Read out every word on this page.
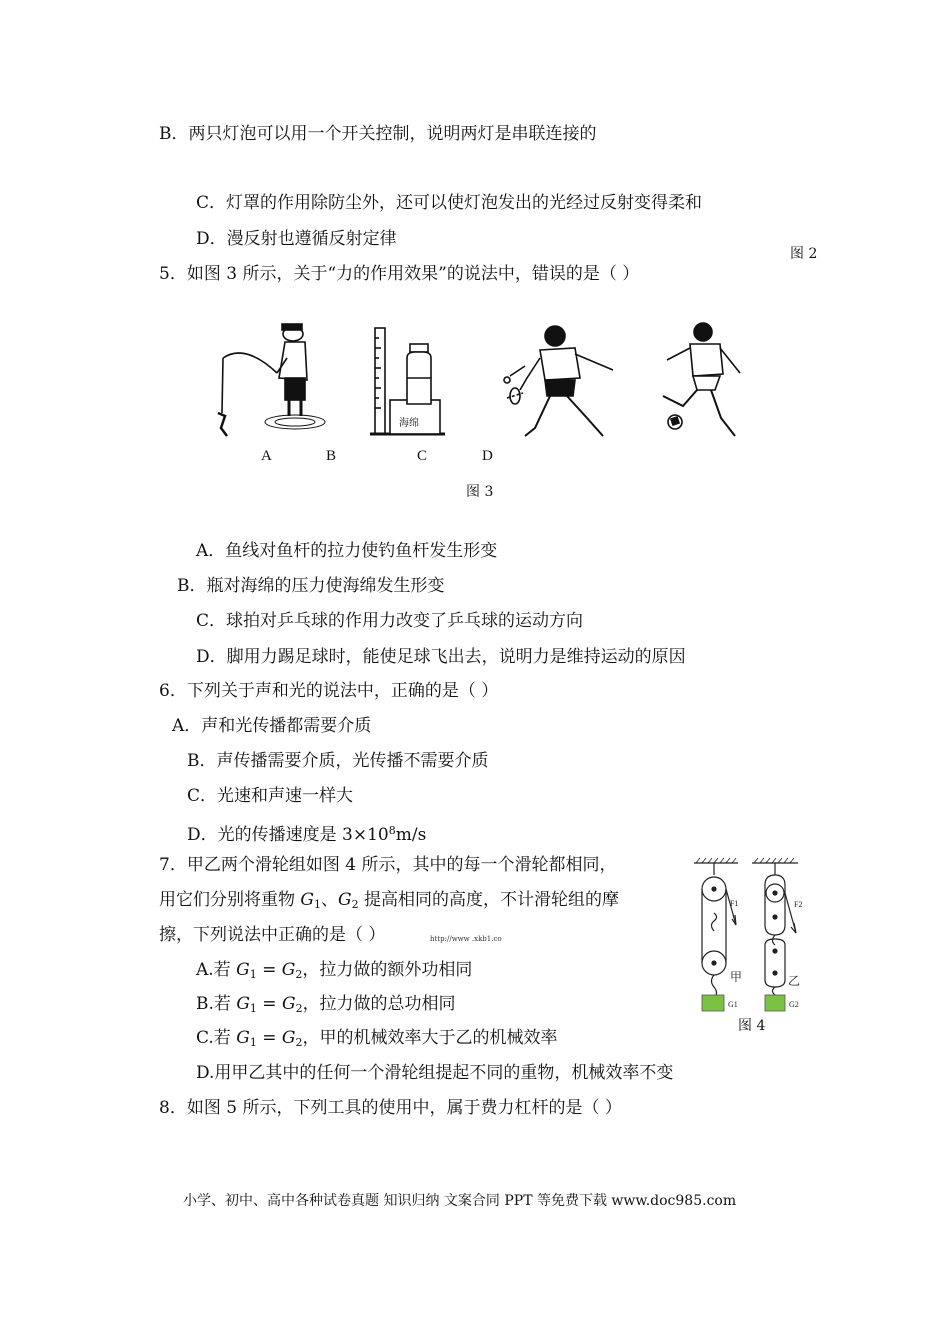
B．两只灯泡可以用一个开关控制，说明两灯是串联连接的
C．灯罩的作用除防尘外，还可以使灯泡发出的光经过反射变得柔和
D．漫反射也遵循反射定律
图 2
5．如图 3 所示，关于“力的作用效果”的说法中，错误的是（ ）
海绵
A	B	C	D
图 3
A．鱼线对鱼杆的拉力使钓鱼杆发生形变
B．瓶对海绵的压力使海绵发生形变
C．球拍对乒乓球的作用力改变了乒乓球的运动方向
D．脚用力踢足球时，能使足球飞出去，说明力是维持运动的原因
6．下列关于声和光的说法中，正确的是（ ）
A．声和光传播都需要介质
B．声传播需要介质，光传播不需要介质
C．光速和声速一样大
D．光的传播速度是 $3\times 10^8m/s$
7．甲乙两个滑轮组如图 4 所示，其中的每一个滑轮都相同，
用它们分别将重物 $G_1$、$G_2$ 提高相同的高度，不计滑轮组的摩
擦，下列说法中正确的是（ ）	http://www .xkb1.co
A.若 $G_1 = G_2$，拉力做的额外功相同
B.若 $G_1 = G_2$，拉力做的总功相同
C.若 $G_1 = G_2$，甲的机械效率大于乙的机械效率
D.用甲乙其中的任何一个滑轮组提起不同的重物，机械效率不变
F1	F2
甲	乙
G1	G2
图 4
8．如图 5 所示，下列工具的使用中，属于费力杠杆的是（ ）
小学、初中、高中各种试卷真题 知识归纳 文案合同 PPT 等免费下载 www.doc985.com
